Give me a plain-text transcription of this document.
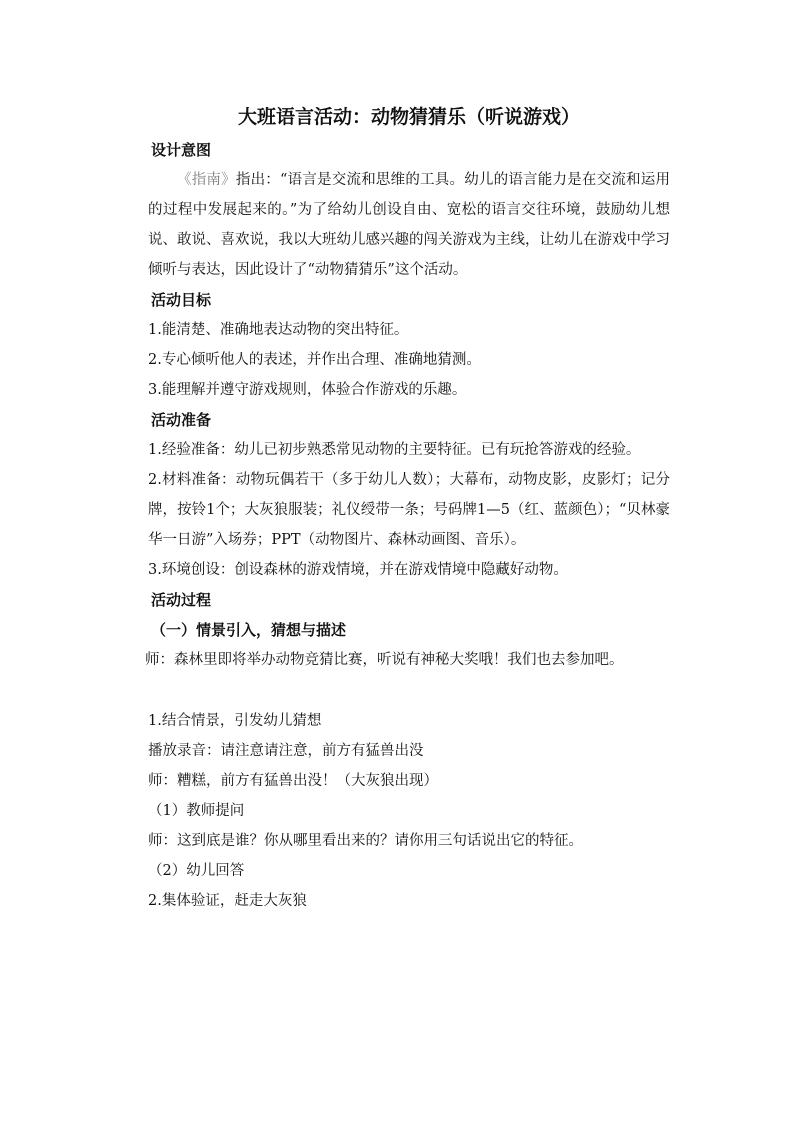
大班语言活动：动物猜猜乐（听说游戏）
设计意图

《指南》指出：“语言是交流和思维的工具。幼儿的语言能力是在交流和运用的过程中发展起来的。”为了给幼儿创设自由、宽松的语言交往环境，鼓励幼儿想说、敢说、喜欢说，我以大班幼儿感兴趣的闯关游戏为主线，让幼儿在游戏中学习倾听与表达，因此设计了“动物猜猜乐”这个活动。

活动目标

1.能清楚、准确地表达动物的突出特征。

2.专心倾听他人的表述，并作出合理、准确地猜测。

3.能理解并遵守游戏规则，体验合作游戏的乐趣。

活动准备

1.经验准备：幼儿已初步熟悉常见动物的主要特征。已有玩抢答游戏的经验。

2.材料准备：动物玩偶若干（多于幼儿人数）；大幕布，动物皮影，皮影灯；记分牌，按铃1个；大灰狼服装；礼仪绶带一条；号码牌1—5（红、蓝颜色）；“贝林豪华一日游”入场券；PPT（动物图片、森林动画图、音乐）。

3.环境创设：创设森林的游戏情境，并在游戏情境中隐藏好动物。

活动过程
（一）情景引入，猜想与描述

师：森林里即将举办动物竞猜比赛，听说有神秘大奖哦！我们也去参加吧。

1.结合情景，引发幼儿猜想

播放录音：请注意请注意，前方有猛兽出没

师：糟糕，前方有猛兽出没！（大灰狼出现）

（1）教师提问

师：这到底是谁？你从哪里看出来的？请你用三句话说出它的特征。

（2）幼儿回答

2.集体验证，赶走大灰狼
